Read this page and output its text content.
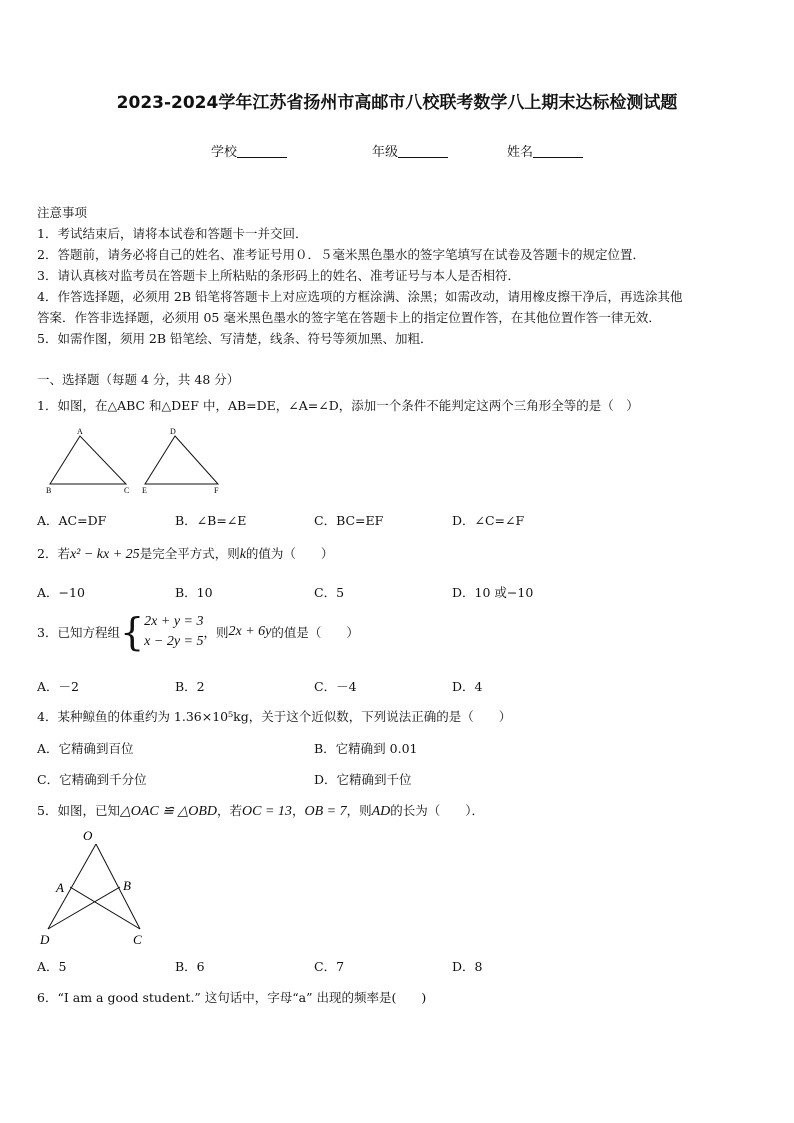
2023-2024学年江苏省扬州市高邮市八校联考数学八上期末达标检测试题
学校	年级	姓名
注意事项
1．考试结束后，请将本试卷和答题卡一并交回．
2．答题前，请务必将自己的姓名、准考证号用０．５毫米黑色墨水的签字笔填写在试卷及答题卡的规定位置．
3．请认真核对监考员在答题卡上所粘贴的条形码上的姓名、准考证号与本人是否相符．
4．作答选择题，必须用 2B 铅笔将答题卡上对应选项的方框涂满、涂黑；如需改动，请用橡皮擦干净后，再选涂其他
答案．作答非选择题，必须用 05 毫米黑色墨水的签字笔在答题卡上的指定位置作答，在其他位置作答一律无效．
5．如需作图，须用 2B 铅笔绘、写清楚，线条、符号等须加黑、加粗．
一、选择题（每题 4 分，共 48 分）
1．如图，在△ABC 和△DEF 中，AB=DE，∠A=∠D，添加一个条件不能判定这两个三角形全等的是（　）
A
B	C
D
E	F
A．AC=DF	B．∠B=∠E	C．BC=EF	D．∠C=∠F
2．若x² − kx + 25是完全平方式，则k的值为（　　）
A．−10	B．10	C．5	D．10 或−10
3．已知方程组{ 2x + y = 3
x − 2y = 5
，则2x + 6y的值是（　　）
A．－2	B．2	C．－4	D．4
4．某种鲸鱼的体重约为 1.36×10⁵kg，关于这个近似数，下列说法正确的是（　　）
A．它精确到百位	B．它精确到 0.01
C．它精确到千分位	D．它精确到千位
5．如图，已知△OAC ≌ △OBD，若OC = 13，OB = 7，则AD的长为（　　）．
O
A	B
C
D
A．5	B．6	C．7	D．8
6．“I am a good student.” 这句话中，字母“a” 出现的频率是(　　)
